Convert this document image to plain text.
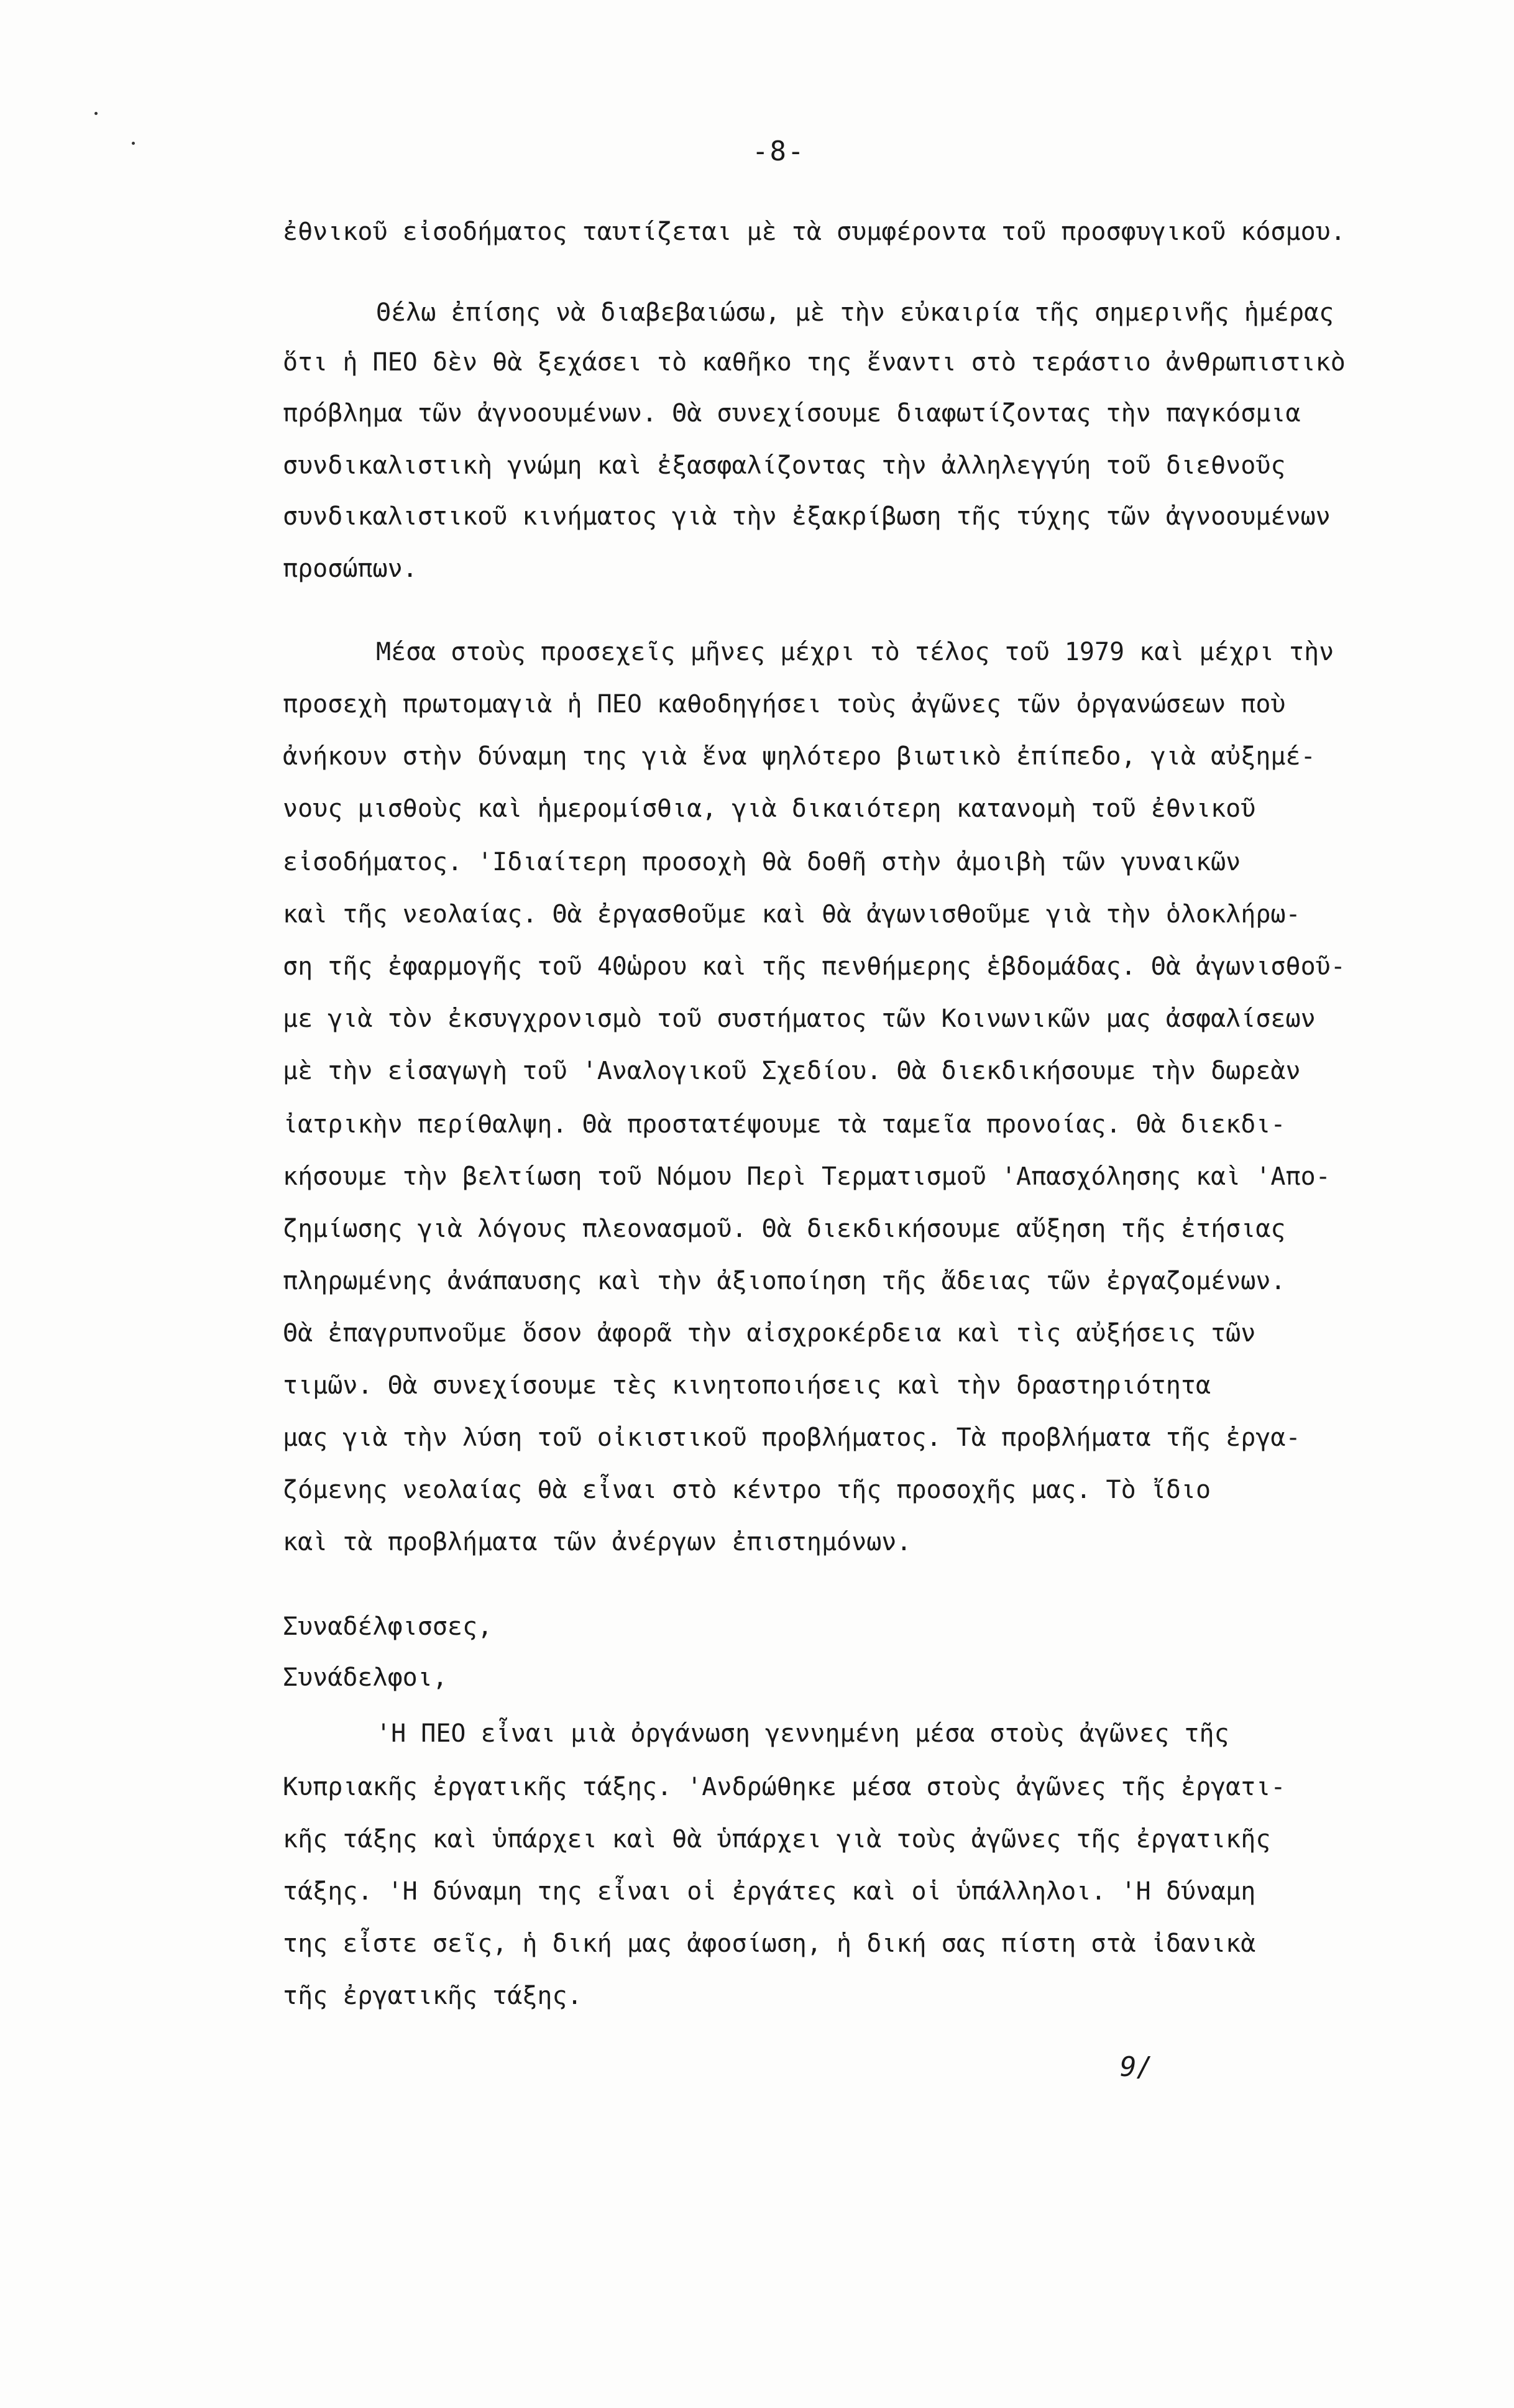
-8-
ἐθνικοῦ εἰσοδήματος ταυτίζεται μὲ τὰ συμφέροντα τοῦ προσφυγικοῦ κόσμου.
Θέλω ἐπίσης νὰ διαβεβαιώσω, μὲ τὴν εὐκαιρία τῆς σημερινῆς ἡμέρας
ὅτι ἡ ΠΕΟ δὲν θὰ ξεχάσει τὸ καθῆκο της ἔναντι στὸ τεράστιο ἀνθρωπιστικὸ
πρόβλημα τῶν ἀγνοουμένων. Θὰ συνεχίσουμε διαφωτίζοντας τὴν παγκόσμια
συνδικαλιστικὴ γνώμη καὶ ἐξασφαλίζοντας τὴν ἀλληλεγγύη τοῦ διεθνοῦς
συνδικαλιστικοῦ κινήματος γιὰ τὴν ἐξακρίβωση τῆς τύχης τῶν ἀγνοουμένων
προσώπων.
Μέσα στοὺς προσεχεῖς μῆνες μέχρι τὸ τέλος τοῦ 1979 καὶ μέχρι τὴν
προσεχὴ πρωτομαγιὰ ἡ ΠΕΟ καθοδηγήσει τοὺς ἀγῶνες τῶν ὀργανώσεων ποὺ
ἀνήκουν στὴν δύναμη της γιὰ ἕνα ψηλότερο βιωτικὸ ἐπίπεδο, γιὰ αὐξημέ-
νους μισθοὺς καὶ ἡμερομίσθια, γιὰ δικαιότερη κατανομὴ τοῦ ἐθνικοῦ
εἰσοδήματος. 'Ιδιαίτερη προσοχὴ θὰ δοθῆ στὴν ἀμοιβὴ τῶν γυναικῶν
καὶ τῆς νεολαίας. Θὰ ἐργασθοῦμε καὶ θὰ ἀγωνισθοῦμε γιὰ τὴν ὁλοκλήρω-
ση τῆς ἐφαρμογῆς τοῦ 40ὡρου καὶ τῆς πενθήμερης ἑβδομάδας. Θὰ ἀγωνισθοῦ-
με γιὰ τὸν ἐκσυγχρονισμὸ τοῦ συστήματος τῶν Κοινωνικῶν μας ἀσφαλίσεων
μὲ τὴν εἰσαγωγὴ τοῦ 'Αναλογικοῦ Σχεδίου. Θὰ διεκδικήσουμε τὴν δωρεὰν
ἰατρικὴν περίθαλψη. Θὰ προστατέψουμε τὰ ταμεῖα προνοίας. Θὰ διεκδι-
κήσουμε τὴν βελτίωση τοῦ Νόμου Περὶ Τερματισμοῦ 'Απασχόλησης καὶ 'Απο-
ζημίωσης γιὰ λόγους πλεονασμοῦ. Θὰ διεκδικήσουμε αὔξηση τῆς ἐτήσιας
πληρωμένης ἀνάπαυσης καὶ τὴν ἀξιοποίηση τῆς ἄδειας τῶν ἐργαζομένων.
Θὰ ἐπαγρυπνοῦμε ὅσον ἀφορᾶ τὴν αἰσχροκέρδεια καὶ τὶς αὐξήσεις τῶν
τιμῶν. Θὰ συνεχίσουμε τὲς κινητοποιήσεις καὶ τὴν δραστηριότητα
μας γιὰ τὴν λύση τοῦ οἰκιστικοῦ προβλήματος. Τὰ προβλήματα τῆς ἐργα-
ζόμενης νεολαίας θὰ εἶναι στὸ κέντρο τῆς προσοχῆς μας. Τὸ ἴδιο
καὶ τὰ προβλήματα τῶν ἀνέργων ἐπιστημόνων.
Συναδέλφισσες,
Συνάδελφοι,
'Η ΠΕΟ εἶναι μιὰ ὀργάνωση γεννημένη μέσα στοὺς ἀγῶνες τῆς
Κυπριακῆς ἐργατικῆς τάξης. 'Ανδρώθηκε μέσα στοὺς ἀγῶνες τῆς ἐργατι-
κῆς τάξης καὶ ὑπάρχει καὶ θὰ ὑπάρχει γιὰ τοὺς ἀγῶνες τῆς ἐργατικῆς
τάξης. 'Η δύναμη της εἶναι οἱ ἐργάτες καὶ οἱ ὑπάλληλοι. 'Η δύναμη
της εἶστε σεῖς, ἡ δική μας ἀφοσίωση, ἡ δική σας πίστη στὰ ἰδανικὰ
τῆς ἐργατικῆς τάξης.
9/
